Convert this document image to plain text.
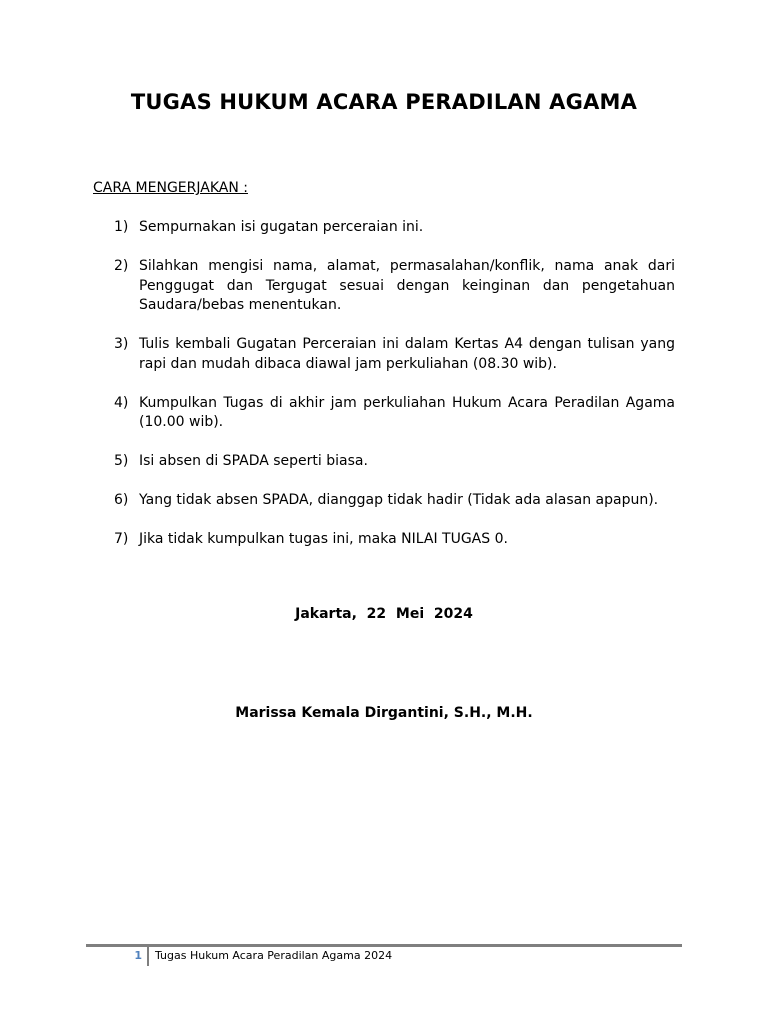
TUGAS HUKUM ACARA PERADILAN AGAMA
CARA MENGERJAKAN :
1) Sempurnakan isi gugatan perceraian ini.
2) Silahkan mengisi nama, alamat, permasalahan/konflik, nama anak dari Penggugat dan Tergugat sesuai dengan keinginan dan pengetahuan Saudara/bebas menentukan.
3) Tulis kembali Gugatan Perceraian ini dalam Kertas A4 dengan tulisan yang rapi dan mudah dibaca diawal jam perkuliahan (08.30 wib).
4) Kumpulkan Tugas di akhir jam perkuliahan Hukum Acara Peradilan Agama (10.00 wib).
5) Isi absen di SPADA seperti biasa.
6) Yang tidak absen SPADA, dianggap tidak hadir (Tidak ada alasan apapun).
7) Jika tidak kumpulkan tugas ini, maka NILAI TUGAS 0.
Jakarta,  22  Mei  2024
Marissa Kemala Dirgantini, S.H., M.H.
1 Tugas Hukum Acara Peradilan Agama 2024
